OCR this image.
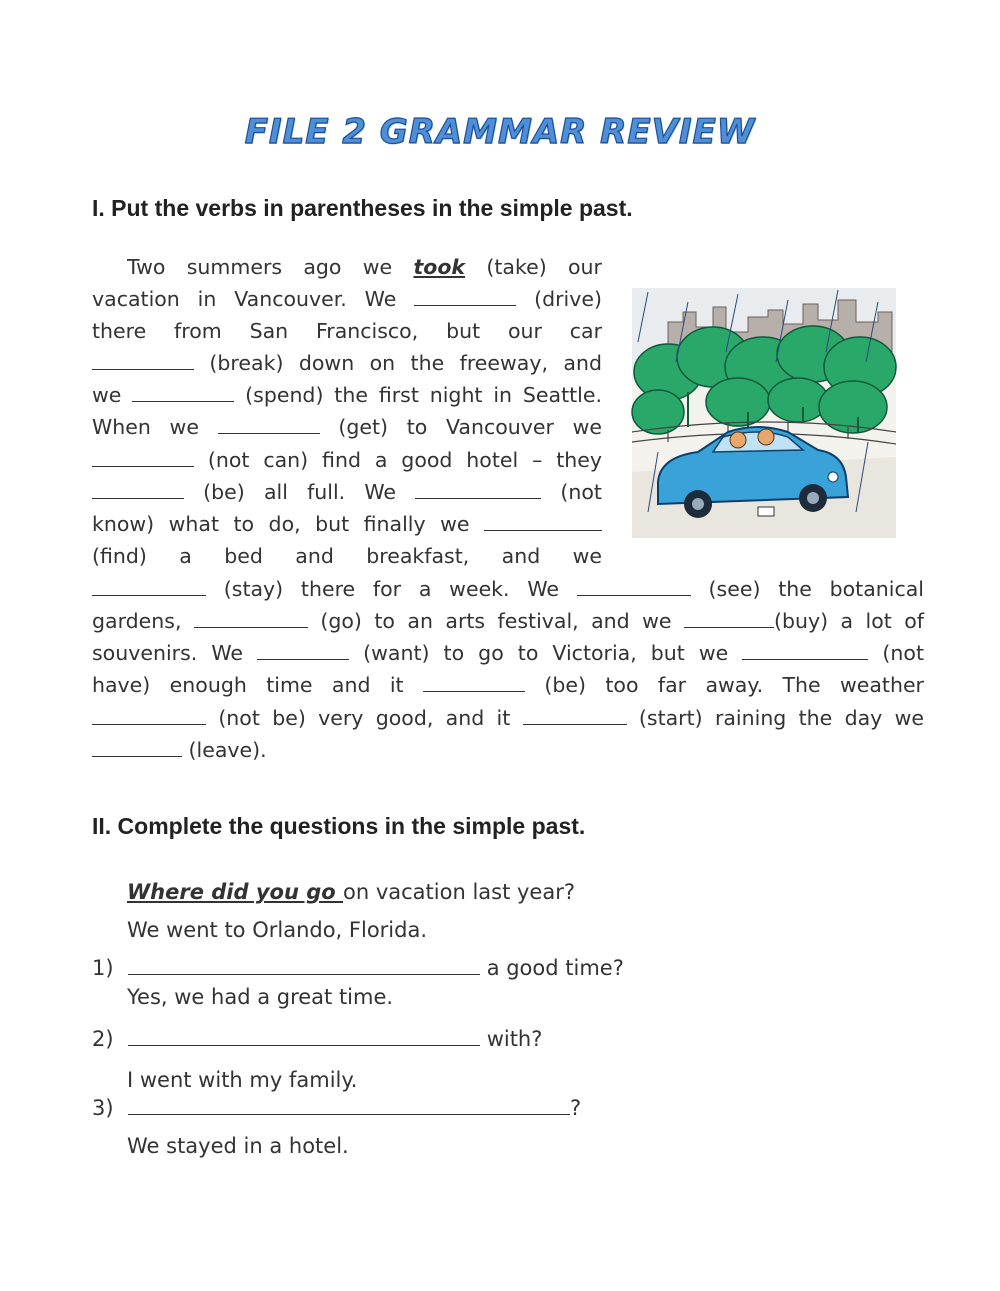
FILE 2 GRAMMAR REVIEW
I. Put the verbs in parentheses in the simple past.
Two summers ago we took (take) our
vacation in Vancouver. We	(drive)
there from San Francisco, but our car
(break) down on the freeway, and
we	(spend) the first night in Seattle.
When we	(get) to Vancouver we
(not can) find a good hotel – they
(be) all full. We	(not
know) what to do, but finally we
(find) a bed and breakfast, and we
(stay) there for a week. We	(see) the botanical
gardens,	(go) to an arts festival, and we	(buy) a lot of
souvenirs. We	(want) to go to Victoria, but we	(not
have) enough time and it	(be) too far away. The weather
(not be) very good, and it	(start) raining the day we
(leave).
II. Complete the questions in the simple past.
Where did you go on vacation last year?
We went to Orlando, Florida.
1)	a good time?
Yes, we had a great time.
2)	with?
I went with my family.
3)	?
We stayed in a hotel.
